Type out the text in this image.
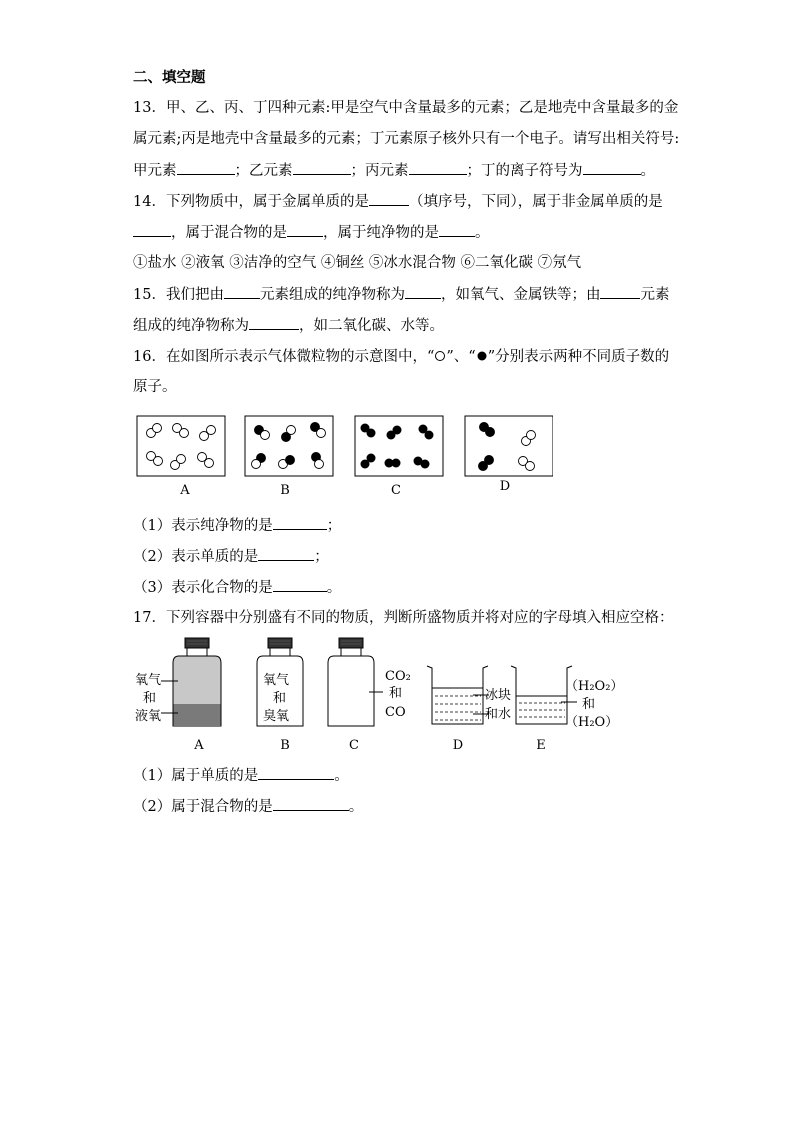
二、填空题
13．甲、乙、丙、丁四种元素:甲是空气中含量最多的元素；乙是地壳中含量最多的金
属元素;丙是地壳中含量最多的元素；丁元素原子核外只有一个电子。请写出相关符号:
甲元素	；乙元素	；丙元素	；丁的离子符号为	。
14．下列物质中，属于金属单质的是	（填序号，下同），属于非金属单质的是
，属于混合物的是 ，属于纯净物的是 。
①盐水 ②液氧 ③洁净的空气 ④铜丝 ⑤冰水混合物 ⑥二氧化碳 ⑦氖气
15．我们把由 元素组成的纯净物称为 ，如氧气、金属铁等；由	元素
组成的纯净物称为	，如二氧化碳、水等。
16．在如图所示表示气体微粒物的示意图中，“ ”、“ ”分别表示两种不同质子数的
原子。
A	B	C	D
（1）表示纯净物的是	；
（2）表示单质的是	；
（3）表示化合物的是	。
17．下列容器中分别盛有不同的物质，判断所盛物质并将对应的字母填入相应空格：
氧气
和
液氧
氧气
和
臭氧
CO₂
和
CO
冰块
和水
（H₂O₂）
和
（H₂O）
A	B	C	D	E
（1）属于单质的是	。
（2）属于混合物的是	。
